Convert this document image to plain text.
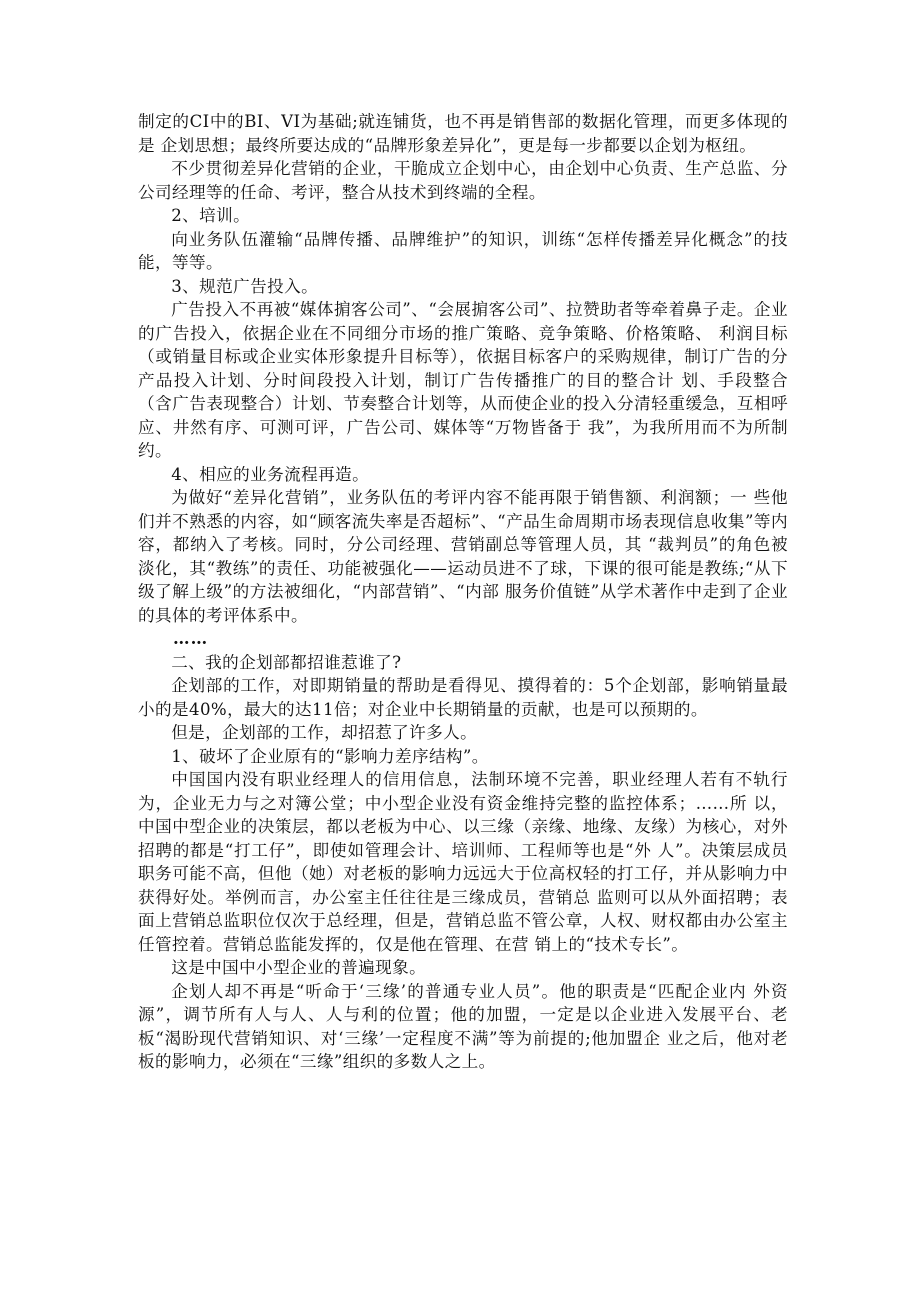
制定的CI中的BI、VI为基础;就连铺货，也不再是销售部的数据化管理，而更多体现的是 企划思想；最终所要达成的“品牌形象差异化”，更是每一步都要以企划为枢纽。

不少贯彻差异化营销的企业，干脆成立企划中心，由企划中心负责、生产总监、分公司经理等的任命、考评，整合从技术到终端的全程。

2、培训。

向业务队伍灌输“品牌传播、品牌维护”的知识，训练“怎样传播差异化概念”的技能，等等。

3、规范广告投入。

广告投入不再被“媒体掮客公司”、“会展掮客公司”、拉赞助者等牵着鼻子走。企业的广告投入，依据企业在不同细分市场的推广策略、竞争策略、价格策略、 利润目标（或销量目标或企业实体形象提升目标等），依据目标客户的采购规律，制订广告的分产品投入计划、分时间段投入计划，制订广告传播推广的目的整合计 划、手段整合（含广告表现整合）计划、节奏整合计划等，从而使企业的投入分清轻重缓急，互相呼应、井然有序、可测可评，广告公司、媒体等“万物皆备于 我”，为我所用而不为所制约。

4、相应的业务流程再造。

为做好“差异化营销”，业务队伍的考评内容不能再限于销售额、利润额；一 些他们并不熟悉的内容，如“顾客流失率是否超标”、“产品生命周期市场表现信息收集”等内容，都纳入了考核。同时，分公司经理、营销副总等管理人员，其 “裁判员”的角色被淡化，其“教练”的责任、功能被强化——运动员进不了球，下课的很可能是教练;“从下级了解上级”的方法被细化，“内部营销”、“内部 服务价值链”从学术著作中走到了企业的具体的考评体系中。

……

二、我的企划部都招谁惹谁了?

企划部的工作，对即期销量的帮助是看得见、摸得着的：5个企划部，影响销量最小的是40%，最大的达11倍；对企业中长期销量的贡献，也是可以预期的。

但是，企划部的工作，却招惹了许多人。

1、破坏了企业原有的“影响力差序结构”。

中国国内没有职业经理人的信用信息，法制环境不完善，职业经理人若有不轨行为，企业无力与之对簿公堂；中小型企业没有资金维持完整的监控体系；……所 以，中国中型企业的决策层，都以老板为中心、以三缘（亲缘、地缘、友缘）为核心，对外招聘的都是“打工仔”，即使如管理会计、培训师、工程师等也是“外 人”。决策层成员职务可能不高，但他（她）对老板的影响力远远大于位高权轻的打工仔，并从影响力中获得好处。举例而言，办公室主任往往是三缘成员，营销总 监则可以从外面招聘；表面上营销总监职位仅次于总经理，但是，营销总监不管公章，人权、财权都由办公室主任管控着。营销总监能发挥的，仅是他在管理、在营 销上的“技术专长”。

这是中国中小型企业的普遍现象。

企划人却不再是“听命于‘三缘’的普通专业人员”。他的职责是“匹配企业内 外资源”，调节所有人与人、人与利的位置；他的加盟，一定是以企业进入发展平台、老板“渴盼现代营销知识、对‘三缘’一定程度不满”等为前提的;他加盟企 业之后，他对老板的影响力，必须在“三缘”组织的多数人之上。
